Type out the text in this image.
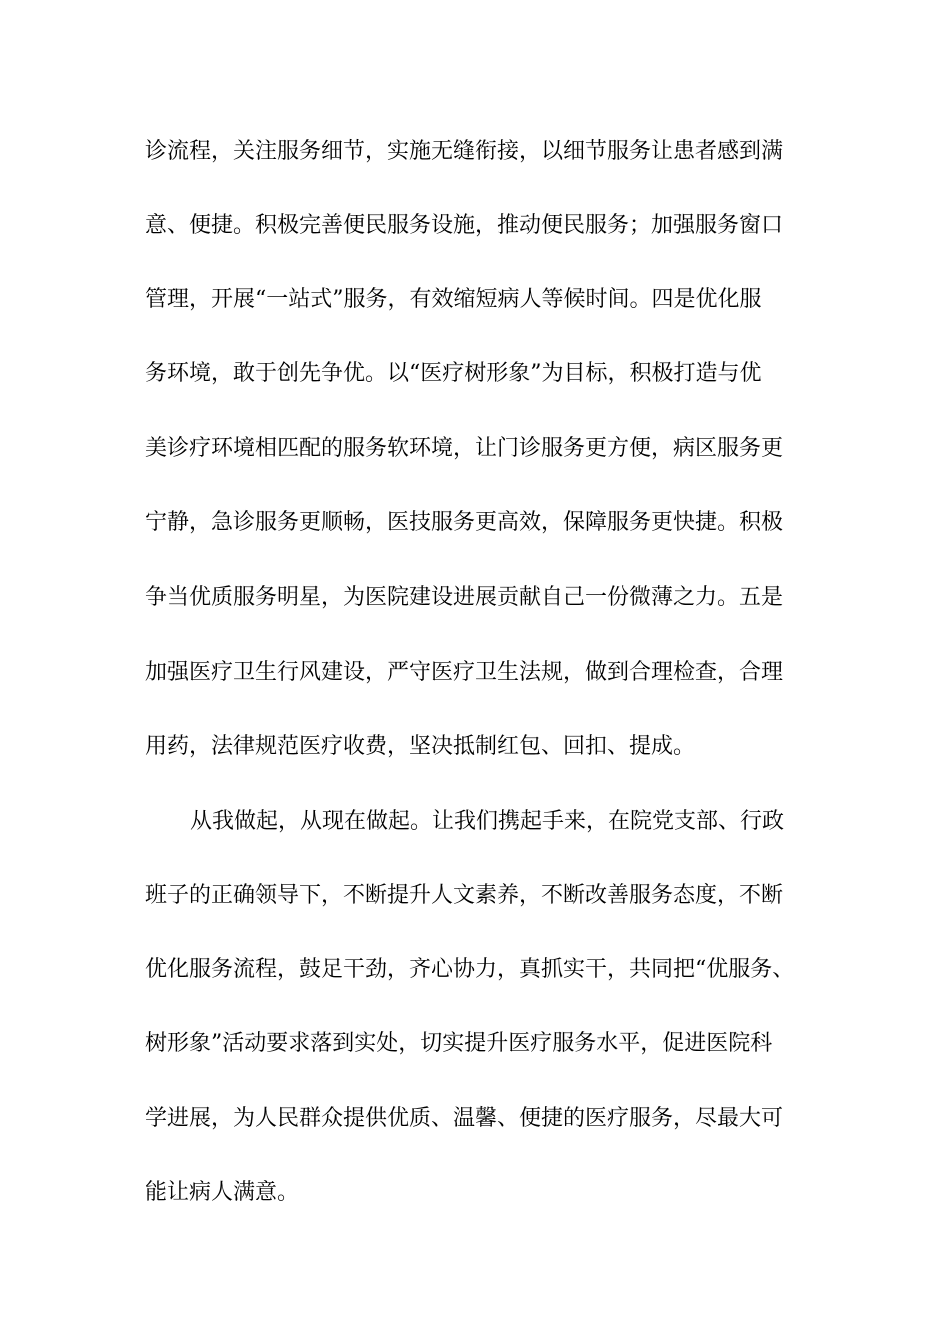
诊流程，关注服务细节，实施无缝衔接，以细节服务让患者感到满
意、便捷。积极完善便民服务设施，推动便民服务；加强服务窗口
管理，开展“一站式”服务，有效缩短病人等候时间。四是优化服
务环境，敢于创先争优。以“医疗树形象”为目标，积极打造与优
美诊疗环境相匹配的服务软环境，让门诊服务更方便，病区服务更
宁静，急诊服务更顺畅，医技服务更高效，保障服务更快捷。积极
争当优质服务明星，为医院建设进展贡献自己一份微薄之力。五是
加强医疗卫生行风建设，严守医疗卫生法规，做到合理检查，合理
用药，法律规范医疗收费，坚决抵制红包、回扣、提成。
从我做起，从现在做起。让我们携起手来，在院党支部、行政
班子的正确领导下，不断提升人文素养，不断改善服务态度，不断
优化服务流程，鼓足干劲，齐心协力，真抓实干，共同把“优服务、
树形象”活动要求落到实处，切实提升医疗服务水平，促进医院科
学进展，为人民群众提供优质、温馨、便捷的医疗服务，尽最大可
能让病人满意。
